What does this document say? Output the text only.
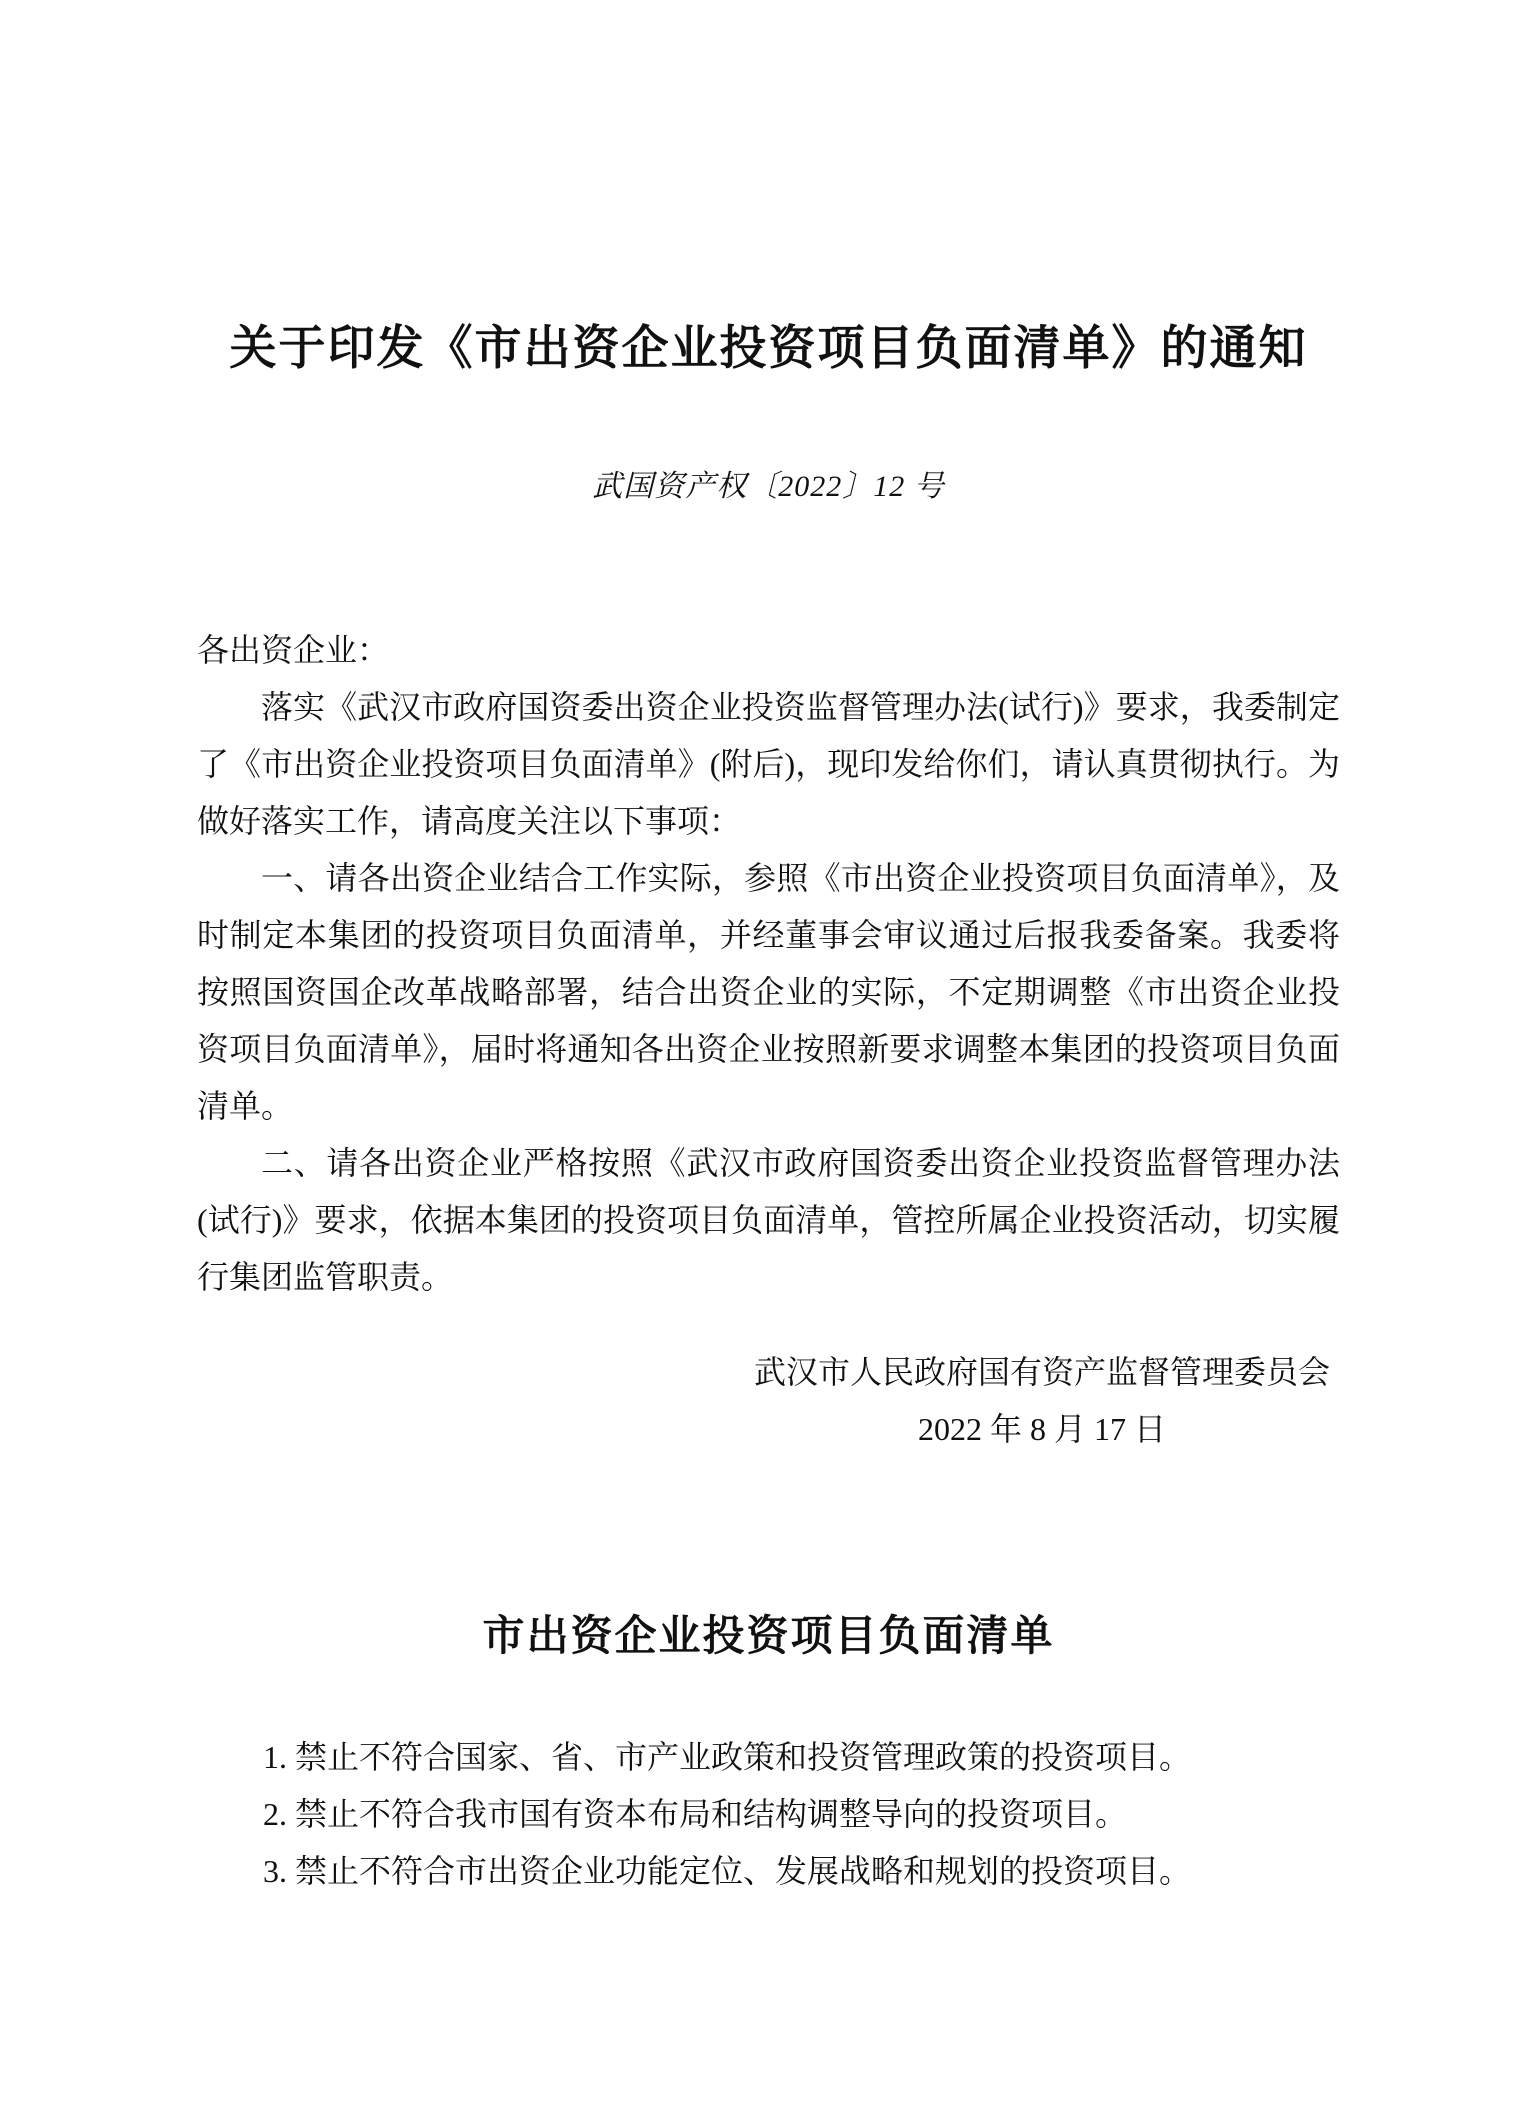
关于印发《市出资企业投资项目负面清单》的通知
武国资产权〔2022〕12 号

各出资企业：

落实《武汉市政府国资委出资企业投资监督管理办法(试行)》要求，我委制定了《市出资企业投资项目负面清单》(附后)，现印发给你们，请认真贯彻执行。为做好落实工作，请高度关注以下事项：

一、请各出资企业结合工作实际，参照《市出资企业投资项目负面清单》，及时制定本集团的投资项目负面清单，并经董事会审议通过后报我委备案。我委将按照国资国企改革战略部署，结合出资企业的实际，不定期调整《市出资企业投资项目负面清单》，届时将通知各出资企业按照新要求调整本集团的投资项目负面清单。

二、请各出资企业严格按照《武汉市政府国资委出资企业投资监督管理办法(试行)》要求，依据本集团的投资项目负面清单，管控所属企业投资活动，切实履行集团监管职责。

武汉市人民政府国有资产监督管理委员会
2022 年 8 月 17 日
市出资企业投资项目负面清单

1. 禁止不符合国家、省、市产业政策和投资管理政策的投资项目。

2. 禁止不符合我市国有资本布局和结构调整导向的投资项目。

3. 禁止不符合市出资企业功能定位、发展战略和规划的投资项目。
